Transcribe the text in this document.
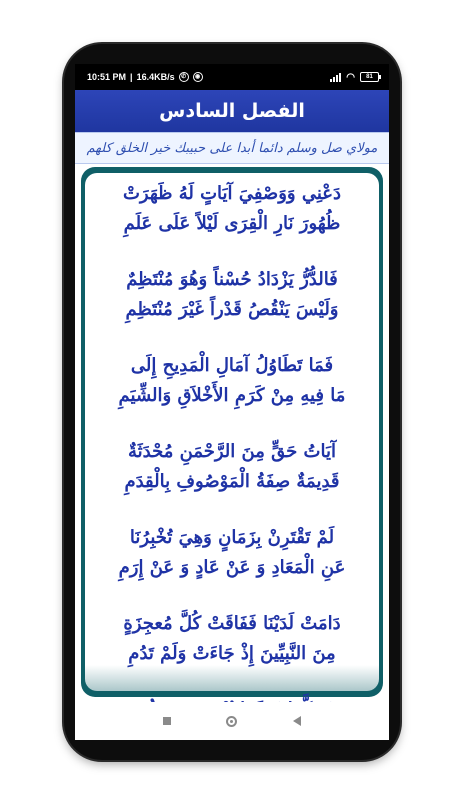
10:51 PM | 16.4KB/s	✆	◉	◠	81
الفصل السادس
مولاي صل وسلم دائما أبدا على حبيبك خير الخلق كلهم
دَعْنِي وَوَصْفِيَ آيَاتٍ لَهُ ظَهَرَتْ
ظُهُورَ نَارِ الْقِرَى لَيْلاً عَلَى عَلَمِ
فَالدُّرُّ يَزْدَادُ حُسْناً وَهُوَ مُنْتَظِمٌ
وَلَيْسَ يَنْقُصُ قَدْراً غَيْرَ مُنْتَظِمِ
فَمَا تَطَاوُلُ آمَالِ الْمَدِيحِ إِلَى
مَا فِيهِ مِنْ كَرَمِ الأَخْلاَقِ وَالشِّيَمِ
آيَاتُ حَقٍّ مِنَ الرَّحْمَنِ مُحْدَثَةٌ
قَدِيمَةٌ صِفَةُ الْمَوْصُوفِ بِالْقِدَمِ
لَمْ تَقْتَرِنْ بِزَمَانٍ وَهِيَ تُخْبِرُنَا
عَنِ الْمَعَادِ وَ عَنْ عَادٍ وَ عَنْ إِرَمِ
دَامَتْ لَدَيْنَا فَفَاقَتْ كُلَّ مُعجِزَةٍ
مِنَ النَّبِيِّينَ إِذْ جَاءَتْ وَلَمْ تَدُمِ
